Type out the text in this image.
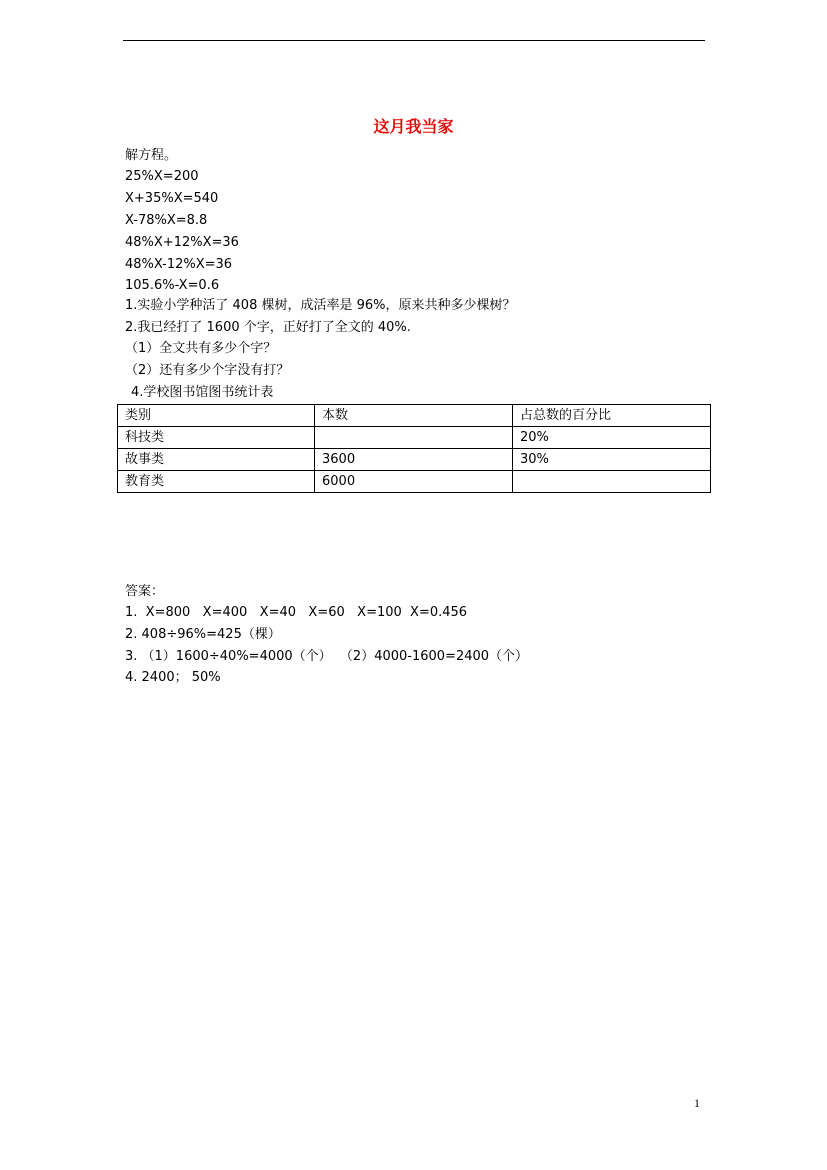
这月我当家
解方程。
25%X=200
X+35%X=540
X-78%X=8.8
48%X+12%X=36
48%X-12%X=36
105.6%-X=0.6
1.实验小学种活了 408 棵树，成活率是 96%，原来共种多少棵树？
2.我已经打了 1600 个字，正好打了全文的 40%.
（1）全文共有多少个字？
（2）还有多少个字没有打？
4.学校图书馆图书统计表
类别	本数	占总数的百分比
科技类		20%
故事类	3600	30%
教育类	6000	
答案：
1.  X=800   X=400   X=40   X=60   X=100  X=0.456
2. 408÷96%=425（棵）
3. （1）1600÷40%=4000（个）  （2）4000-1600=2400（个）
4. 2400； 50%
1
